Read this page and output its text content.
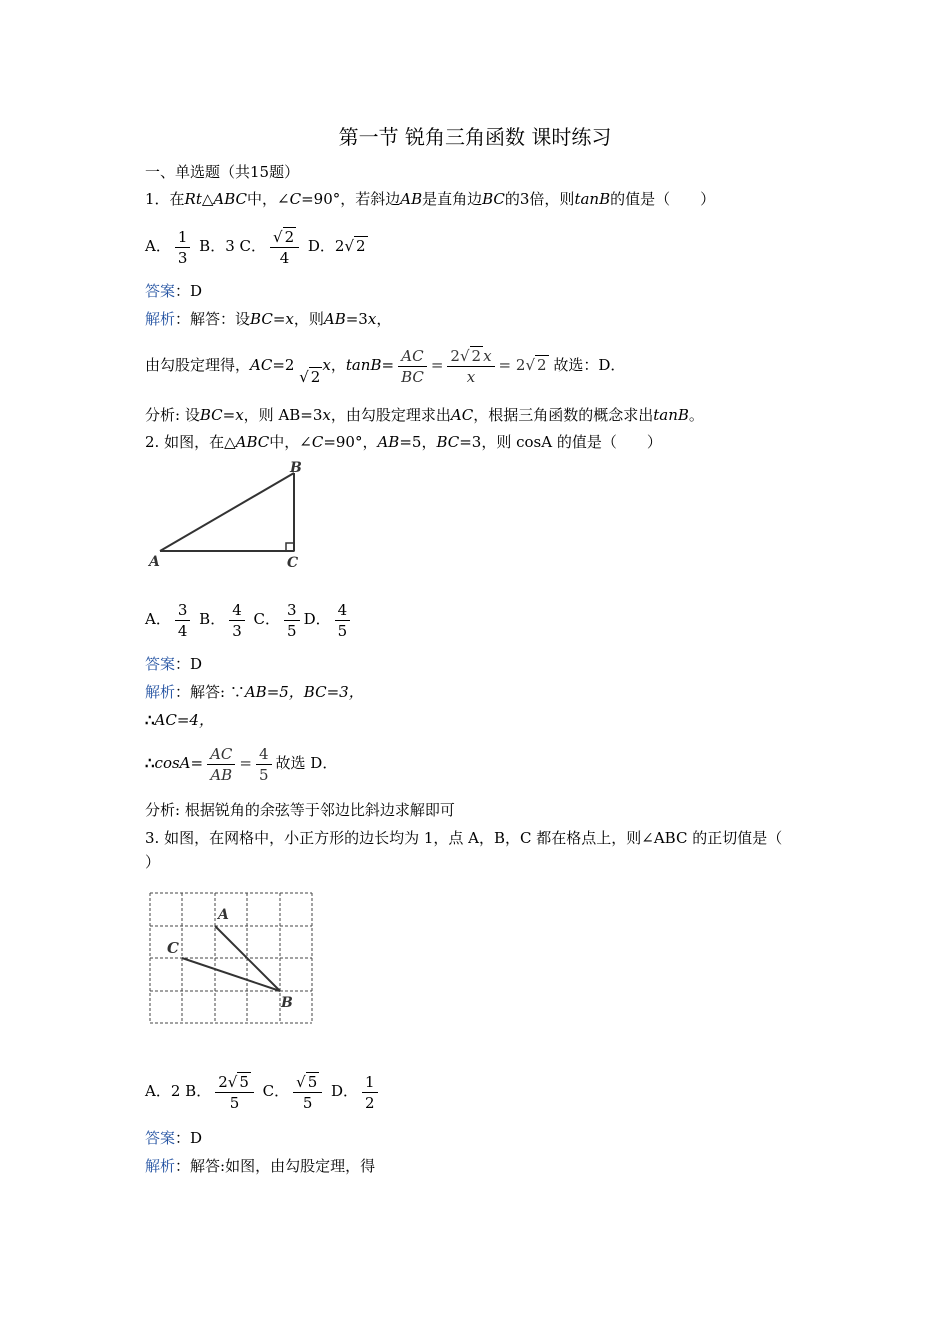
第一节 锐角三角函数 课时练习
一、单选题（共15题）
1．在Rt△ABC中，∠C=90°，若斜边AB是直角边BC的3倍，则tanB的值是（　　）
A． $\frac{1}{3}$ B．3 C． $\frac{√ 2}{4}$ D．2√ 2
答案：D
解析：解答：设BC=x，则AB=3x，
由勾股定理得，AC=2 √ 2x，$\tan B= \frac{AC}{BC} = \frac{2√ 2 x}{x} = 2√$ 2 故选：D．
分析: 设BC=x，则 AB=3x，由勾股定理求出AC，根据三角函数的概念求出tanB。
2. 如图，在△ABC中，∠C=90°，AB=5，BC=3，则 cosA 的值是（　　）
A
B
C
A． $\frac{3}{4}$ B． $\frac{4}{3}$ C． $\frac{3}{5}$ D． $\frac{4}{5}$
答案：D
解析：解答: ∵AB=5，BC=3，
∴AC=4，
∴cosA= $\frac{AC}{AB} = \frac{4}{5}$ 故选 D．
分析: 根据锐角的余弦等于邻边比斜边求解即可
3. 如图，在网格中，小正方形的边长均为 1，点 A，B，C 都在格点上，则∠ABC 的正切值是（
）
A
C
B
A．2 B． $\frac{2√ 5}{5}$ C． $\frac{√ 5}{5}$ D． $\frac{1}{2}$
答案：D
解析：解答:如图，由勾股定理，得
